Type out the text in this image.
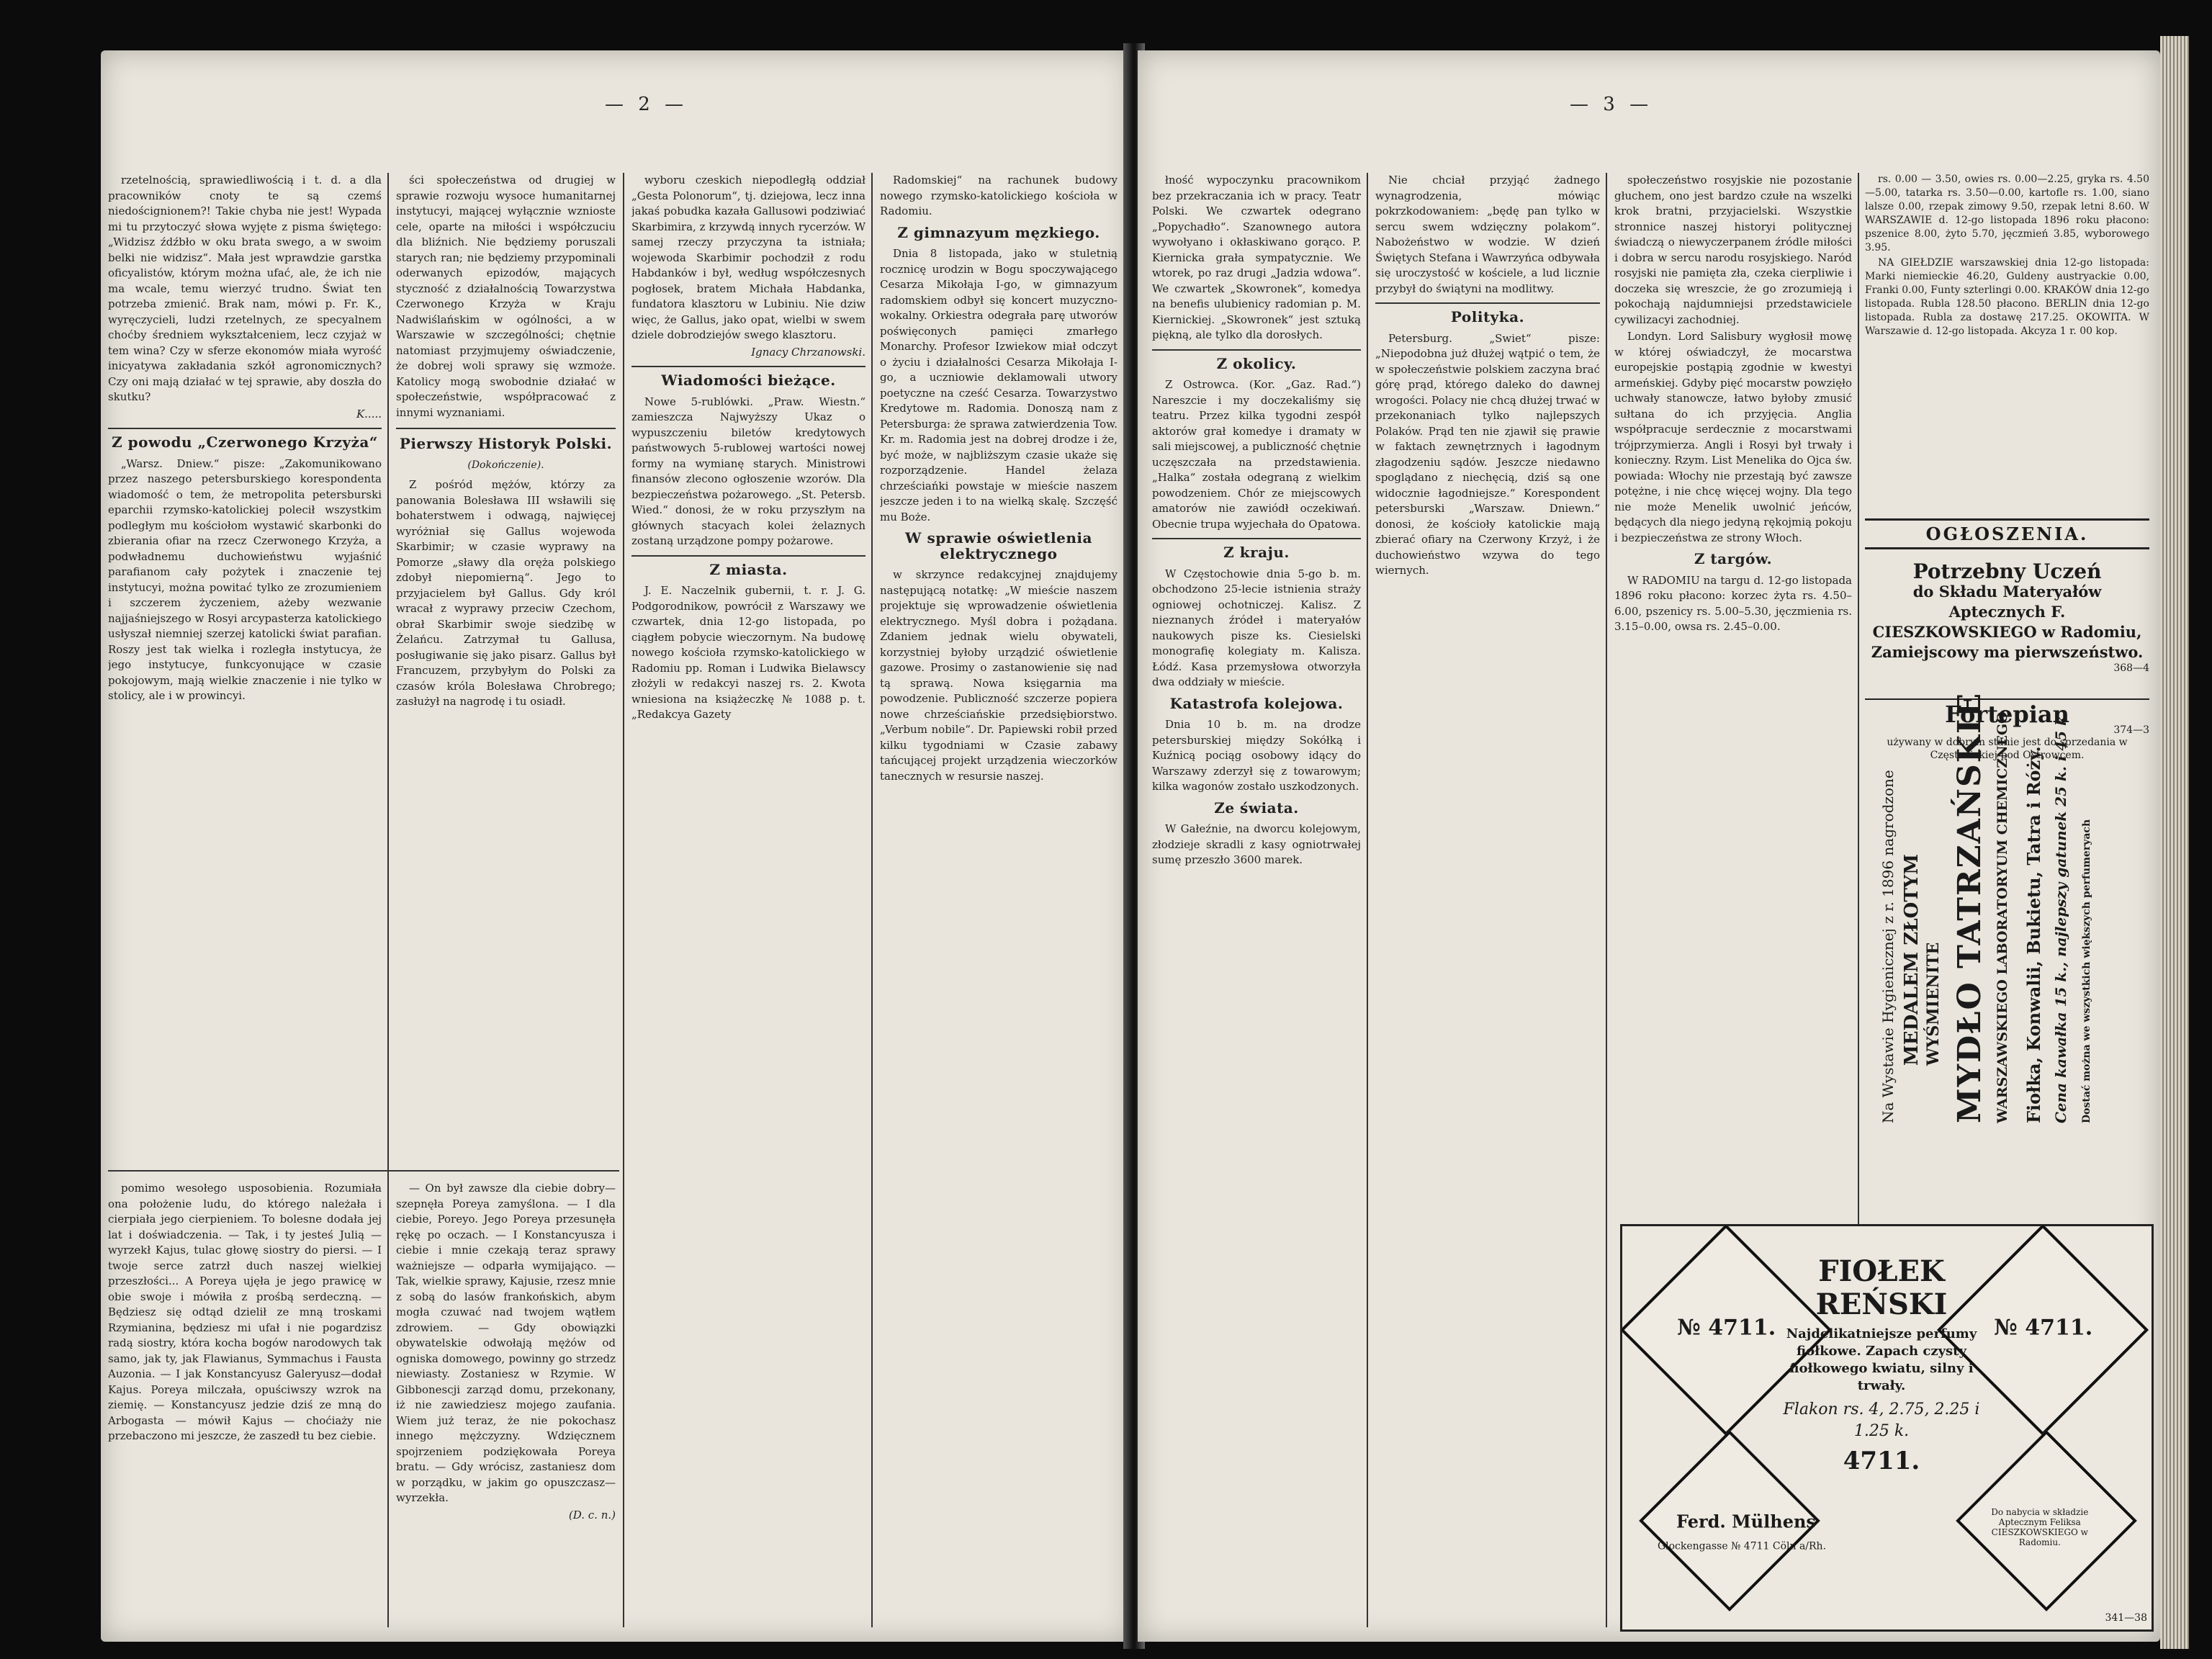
— 2 —

rzetelnością, sprawiedliwością i t. d. a dla pracowników cnoty te są czemś niedoścignionem?! Takie chyba nie jest! Wypada mi tu przytoczyć słowa wyjęte z pisma świętego: „Widzisz źdźbło w oku brata swego, a w swoim belki nie widzisz“. Mała jest wprawdzie garstka oficyalistów, którym można ufać, ale, że ich nie ma wcale, temu wierzyć trudno. Świat ten potrzeba zmienić. Brak nam, mówi p. Fr. K., wyręczycieli, ludzi rzetelnych, ze specyalnem choćby średniem wykształceniem, lecz czyjaż w tem wina? Czy w sferze ekonomów miała wyrość inicyatywa zakładania szkół agronomicznych? Czy oni mają działać w tej sprawie, aby doszła do skutku?

K.....
Z powodu „Czerwonego Krzyża“

„Warsz. Dniew.“ pisze: „Zakomunikowano przez naszego petersburskiego korespondenta wiadomość o tem, że metropolita petersburski eparchii rzymsko-katolickiej polecił wszystkim podległym mu kościołom wystawić skarbonki do zbierania ofiar na rzecz Czerwonego Krzyża, a podwładnemu duchowieństwu wyjaśnić parafianom cały pożytek i znaczenie tej instytucyi, można powitać tylko ze zrozumieniem i szczerem życzeniem, ażeby wezwanie najjaśniejszego w Rosyi arcypasterza katolickiego usłyszał niemniej szerzej katolicki świat parafian. Roszy jest tak wielka i rozległa instytucya, że jego instytucye, funkcyonujące w czasie pokojowym, mają wielkie znaczenie i nie tylko w stolicy, ale i w prowincyi.

pomimo wesołego usposobienia. Rozumiała ona położenie ludu, do którego należała i cierpiała jego cierpieniem. To bolesne dodała jej lat i doświadczenia. — Tak, i ty jesteś Julią — wyrzekł Kajus, tulac głowę siostry do piersi. — I twoje serce zatrzł duch naszej wielkiej przeszłości... A Poreya ujęła je jego prawicę w obie swoje i mówiła z prośbą serdeczną. — Będziesz się odtąd dzielił ze mną troskami Rzymianina, będziesz mi ufał i nie pogardzisz radą siostry, która kocha bogów narodowych tak samo, jak ty, jak Flawianus, Symmachus i Fausta Auzonia. — I jak Konstancyusz Galeryusz—dodał Kajus. Poreya milczała, opuściwszy wzrok na ziemię. — Konstancyusz jedzie dziś ze mną do Arbogasta — mówił Kajus — choćiaży nie przebaczono mi jeszcze, że zaszedł tu bez ciebie.

ści społeczeństwa od drugiej w sprawie rozwoju wysoce humanitarnej instytucyi, mającej wyłącznie wznioste cele, oparte na miłości i współczuciu dla bliźnich. Nie będziemy poruszali starych ran; nie będziemy przypominali oderwanych epizodów, mających styczność z działalnością Towarzystwa Czerwonego Krzyża w Kraju Nadwiślańskim w ogólności, a w Warszawie w szczególności; chętnie natomiast przyjmujemy oświadczenie, że dobrej woli sprawy się wzmoże. Katolicy mogą swobodnie działać w społeczeństwie, współpracować z innymi wyznaniami.

Pierwszy Historyk Polski.
(Dokończenie).

Z pośród mężów, którzy za panowania Bolesława III wsławili się bohaterstwem i odwagą, najwięcej wyróżniał się Gallus wojewoda Skarbimir; w czasie wyprawy na Pomorze „sławy dla oręża polskiego zdobył niepomierną“. Jego to przyjacielem był Gallus. Gdy król wracał z wyprawy przeciw Czechom, obrał Skarbimir swoje siedzibę w Żelańcu. Zatrzymał tu Gallusa, posługiwanie się jako pisarz. Gallus był Francuzem, przybyłym do Polski za czasów króla Bolesława Chrobrego; zasłużył na nagrodę i tu osiadł.

— On był zawsze dla ciebie dobry—szepnęła Poreya zamyślona. — I dla ciebie, Poreyo. Jego Poreya przesunęła rękę po oczach. — I Konstancyusza i ciebie i mnie czekają teraz sprawy ważniejsze — odparła wymijająco. — Tak, wielkie sprawy, Kajusie, rzesz mnie z sobą do lasów frankońskich, abym mogła czuwać nad twojem wątłem zdrowiem. — Gdy obowiązki obywatelskie odwołają mężów od ogniska domowego, powinny go strzedz niewiasty. Zostaniesz w Rzymie. W Gibbonescji zarząd domu, przekonany, iż nie zawiedziesz mojego zaufania. Wiem już teraz, że nie pokochasz innego mężczyzny. Wdzięcznem spojrzeniem podziękowała Poreya bratu. — Gdy wrócisz, zastaniesz dom w porządku, w jakim go opuszczasz—wyrzekła.

(D. c. n.)

wyboru czeskich niepodległą oddział „Gesta Polonorum“, tj. dziejowa, lecz inna jakaś pobudka kazała Gallusowi podziwiać Skarbimira, z krzywdą innych rycerzów. W samej rzeczy przyczyna ta istniała; wojewoda Skarbimir pochodził z rodu Habdanków i był, według współczesnych pogłosek, bratem Michała Habdanka, fundatora klasztoru w Lubiniu. Nie dziw więc, że Gallus, jako opat, wielbi w swem dziele dobrodziejów swego klasztoru.

Ignacy Chrzanowski.
Wiadomości bieżące.

Nowe 5-rublówki. „Praw. Wiestn.“ zamieszcza Najwyższy Ukaz o wypuszczeniu biletów kredytowych państwowych 5-rublowej wartości nowej formy na wymianę starych. Ministrowi finansów zlecono ogłoszenie wzorów. Dla bezpieczeństwa pożarowego. „St. Petersb. Wied.“ donosi, że w roku przyszłym na głównych stacyach kolei żelaznych zostaną urządzone pompy pożarowe.

Z miasta.

J. E. Naczelnik gubernii, t. r. J. G. Podgorodnikow, powrócił z Warszawy we czwartek, dnia 12-go listopada, po ciągłem pobycie wieczornym. Na budowę nowego kościoła rzymsko-katolickiego w Radomiu pp. Roman i Ludwika Bielawscy złożyli w redakcyi naszej rs. 2. Kwota wniesiona na książeczkę № 1088 p. t. „Redakcya Gazety

Radomskiej“ na rachunek budowy nowego rzymsko-katolickiego kościoła w Radomiu.

Z gimnazyum męzkiego.

Dnia 8 listopada, jako w stuletnią rocznicę urodzin w Bogu spoczywającego Cesarza Mikołaja I-go, w gimnazyum radomskiem odbył się koncert muzyczno-wokalny. Orkiestra odegrała parę utworów poświęconych pamięci zmarłego Monarchy. Profesor Izwiekow miał odczyt o życiu i działalności Cesarza Mikołaja I-go, a uczniowie deklamowali utwory poetyczne na cześć Cesarza. Towarzystwo Kredytowe m. Radomia. Donoszą nam z Petersburga: że sprawa zatwierdzenia Tow. Kr. m. Radomia jest na dobrej drodze i że, być może, w najbliższym czasie ukaże się rozporządzenie. Handel żelaza chrześciańki powstaje w mieście naszem jeszcze jeden i to na wielką skalę. Szczęść mu Boże.

W sprawie oświetlenia elektrycznego

w skrzynce redakcyjnej znajdujemy następującą notatkę: „W mieście naszem projektuje się wprowadzenie oświetlenia elektrycznego. Myśl dobra i pożądana. Zdaniem jednak wielu obywateli, korzystniej byłoby urządzić oświetlenie gazowe. Prosimy o zastanowienie się nad tą sprawą. Nowa księgarnia ma powodzenie. Publiczność szczerze popiera nowe chrześciańskie przedsiębiorstwo. „Verbum nobile“. Dr. Papiewski robił przed kilku tygodniami w Czasie zabawy tańcującej projekt urządzenia wieczorków tanecznych w resursie naszej.

— 3 —

łność wypoczynku pracownikom bez przekraczania ich w pracy. Teatr Polski. We czwartek odegrano „Popychadło“. Szanownego autora wywołyano i okłaskiwano gorąco. P. Kiernicka grała sympatycznie. We wtorek, po raz drugi „Jadzia wdowa“. We czwartek „Skowronek“, komedya na benefis ulubienicy radomian p. M. Kiernickiej. „Skowronek“ jest sztuką piękną, ale tylko dla dorosłych.

Z okolicy.

Z Ostrowca. (Kor. „Gaz. Rad.“) Nareszcie i my doczekaliśmy się teatru. Przez kilka tygodni zespół aktorów grał komedye i dramaty w sali miejscowej, a publiczność chętnie uczęszczała na przedstawienia. „Halka“ została odegraną z wielkim powodzeniem. Chór ze miejscowych amatorów nie zawiódł oczekiwań. Obecnie trupa wyjechała do Opatowa.

Z kraju.

W Częstochowie dnia 5-go b. m. obchodzono 25-lecie istnienia straży ogniowej ochotniczej. Kalisz. Z nieznanych źródeł i materyałów naukowych pisze ks. Ciesielski monografię kolegiaty m. Kalisza. Łódź. Kasa przemysłowa otworzyła dwa oddziały w mieście.

Katastrofa kolejowa.

Dnia 10 b. m. na drodze petersburskiej między Sokółką i Kuźnicą pociąg osobowy idący do Warszawy zderzył się z towarowym; kilka wagonów zostało uszkodzonych.

Ze świata.

W Gałeźnie, na dworcu kolejowym, złodzieje skradli z kasy ogniotrwałej sumę przeszło 3600 marek.

Nie chciał przyjąć żadnego wynagrodzenia, mówiąc pokrzkodowaniem: „będę pan tylko w sercu swem wdzięczny polakom“. Nabożeństwo w wodzie. W dzień Świętych Stefana i Wawrzyńca odbywała się uroczystość w kościele, a lud licznie przybył do świątyni na modlitwy.

Polityka.

Petersburg. „Swiet“ pisze: „Niepodobna już dłużej wątpić o tem, że w społeczeństwie polskiem zaczyna brać górę prąd, którego daleko do dawnej wrogości. Polacy nie chcą dłużej trwać w przekonaniach tylko najlepszych Polaków. Prąd ten nie zjawił się prawie w faktach zewnętrznych i łagodnym złagodzeniu sądów. Jeszcze niedawno spoglądano z niechęcią, dziś są one widocznie łagodniejsze.“ Korespondent petersburski „Warszaw. Dniewn.“ donosi, że kościoły katolickie mają zbierać ofiary na Czerwony Krzyż, i że duchowieństwo wzywa do tego wiernych.

społeczeństwo rosyjskie nie pozostanie głuchem, ono jest bardzo czułe na wszelki krok bratni, przyjacielski. Wszystkie stronnice naszej historyi politycznej świadczą o niewyczerpanem źródle miłości i dobra w sercu narodu rosyjskiego. Naród rosyjski nie pamięta zła, czeka cierpliwie i doczeka się wreszcie, że go zrozumieją i pokochają najdumniejsi przedstawiciele cywilizacyi zachodniej.

Londyn. Lord Salisbury wygłosił mowę w której oświadczył, że mocarstwa europejskie postąpią zgodnie w kwestyi armeńskiej. Gdyby pięć mocarstw powzięło uchwały stanowcze, łatwo byłoby zmusić sułtana do ich przyjęcia. Anglia współpracuje serdecznie z mocarstwami trójprzymierza. Angli i Rosyi był trwały i konieczny. Rzym. List Menelika do Ojca św. powiada: Włochy nie przestają być zawsze potężne, i nie chcę więcej wojny. Dla tego nie może Menelik uwolnić jeńców, będących dla niego jedyną rękojmią pokoju i bezpieczeństwa ze strony Włoch.

Z targów.

W RADOMIU na targu d. 12-go listopada 1896 roku płacono: korzec żyta rs. 4.50–6.00, pszenicy rs. 5.00–5.30, jęczmienia rs. 3.15–0.00, owsa rs. 2.45–0.00.

rs. 0.00 — 3.50, owies rs. 0.00—2.25, gryka rs. 4.50—5.00, tatarka rs. 3.50—0.00, kartofle rs. 1.00, siano lalsze 0.00, rzepak zimowy 9.50, rzepak letni 8.60. W WARSZAWIE d. 12-go listopada 1896 roku płacono: pszenice 8.00, żyto 5.70, jęczmień 3.85, wyborowego 3.95.

NA GIEŁDZIE warszawskiej dnia 12-go listopada: Marki niemieckie 46.20, Guldeny austryackie 0.00, Franki 0.00, Funty szterlingi 0.00. KRAKÓW dnia 12-go listopada. Rubla 128.50 płacono. BERLIN dnia 12-go listopada. Rubla za dostawę 217.25. OKOWITA. W Warszawie d. 12-go listopada. Akcyza 1 r. 00 kop.

OGŁOSZENIA.
Potrzebny Uczeń
do Składu Materyałów Aptecznych F. CIESZKOWSKIEGO w Radomiu, Zamiejscowy ma pierwszeństwo.
368—4
Fortepian
374—3
używany w dobrym stanie jest do sprzedania w Częstocickiej pod Ostrowcem.
Na Wystawie Hygienicznej z r. 1896 nagrodzone MEDALEM ZŁOTYM WYŚMIENITE MYDŁO TATRZAŃSKIE WARSZAWSKIEGO LABORATORYUM CHEMICZNEGO Fiołka, Konwalii, Bukietu, Tatra i Róży. Cena kawałka 15 k., najlepszy gatunek 25 k. i 45 k. Dostać można we wszystkich większych perfumeryach
№ 4711.	№ 4711.
FIOŁEK REŃSKI
Najdelikatniejsze perfumy fiołkowe. Zapach czysty fiołkowego kwiatu, silny i trwały.
Flakon rs. 4, 2.75, 2.25 i 1.25 k.
4711.
Ferd. Mülhens
Glockengasse № 4711 Cöln a/Rh.
Do nabycia w składzie Aptecznym Feliksa CIESZKOWSKIEGO w Radomiu.
341—38
